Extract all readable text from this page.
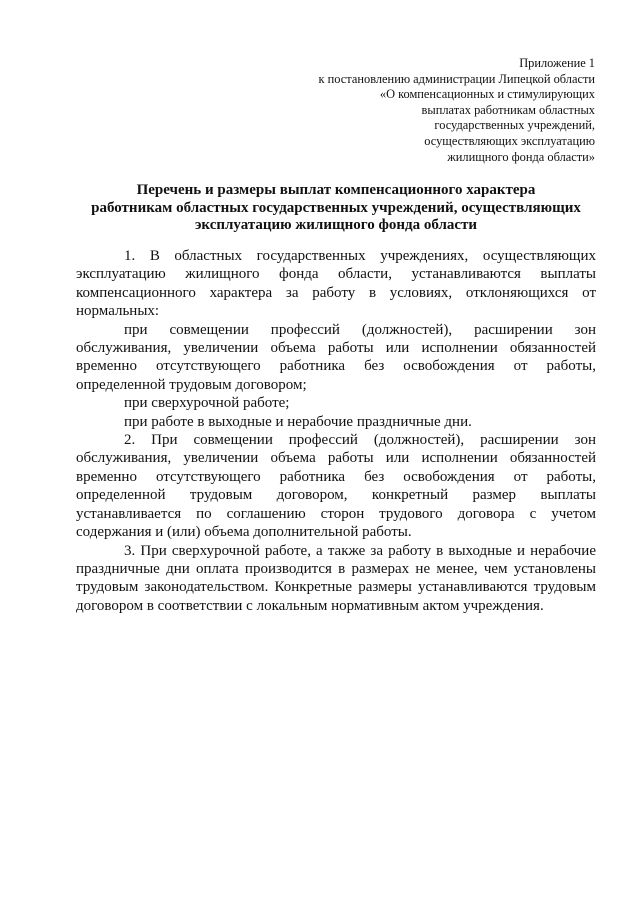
Приложение 1
к постановлению администрации Липецкой области
«О компенсационных и стимулирующих
выплатах работникам областных
государственных учреждений,
осуществляющих эксплуатацию
жилищного фонда области»
Перечень и размеры выплат компенсационного характера
работникам областных государственных учреждений, осуществляющих
эксплуатацию жилищного фонда области

1. В областных государственных учреждениях, осуществляющих эксплуатацию жилищного фонда области, устанавливаются выплаты компенсационного характера за работу в условиях, отклоняющихся от нормальных:

при совмещении профессий (должностей), расширении зон обслуживания, увеличении объема работы или исполнении обязанностей временно отсутствующего работника без освобождения от работы, определенной трудовым договором;

при сверхурочной работе;

при работе в выходные и нерабочие праздничные дни.

2. При совмещении профессий (должностей), расширении зон обслуживания, увеличении объема работы или исполнении обязанностей временно отсутствующего работника без освобождения от работы, определенной трудовым договором, конкретный размер выплаты устанавливается по соглашению сторон трудового договора с учетом содержания и (или) объема дополнительной работы.

3. При сверхурочной работе, а также за работу в выходные и нерабочие праздничные дни оплата производится в размерах не менее, чем установлены трудовым законодательством. Конкретные размеры устанавливаются трудовым договором в соответствии с локальным нормативным актом учреждения.
